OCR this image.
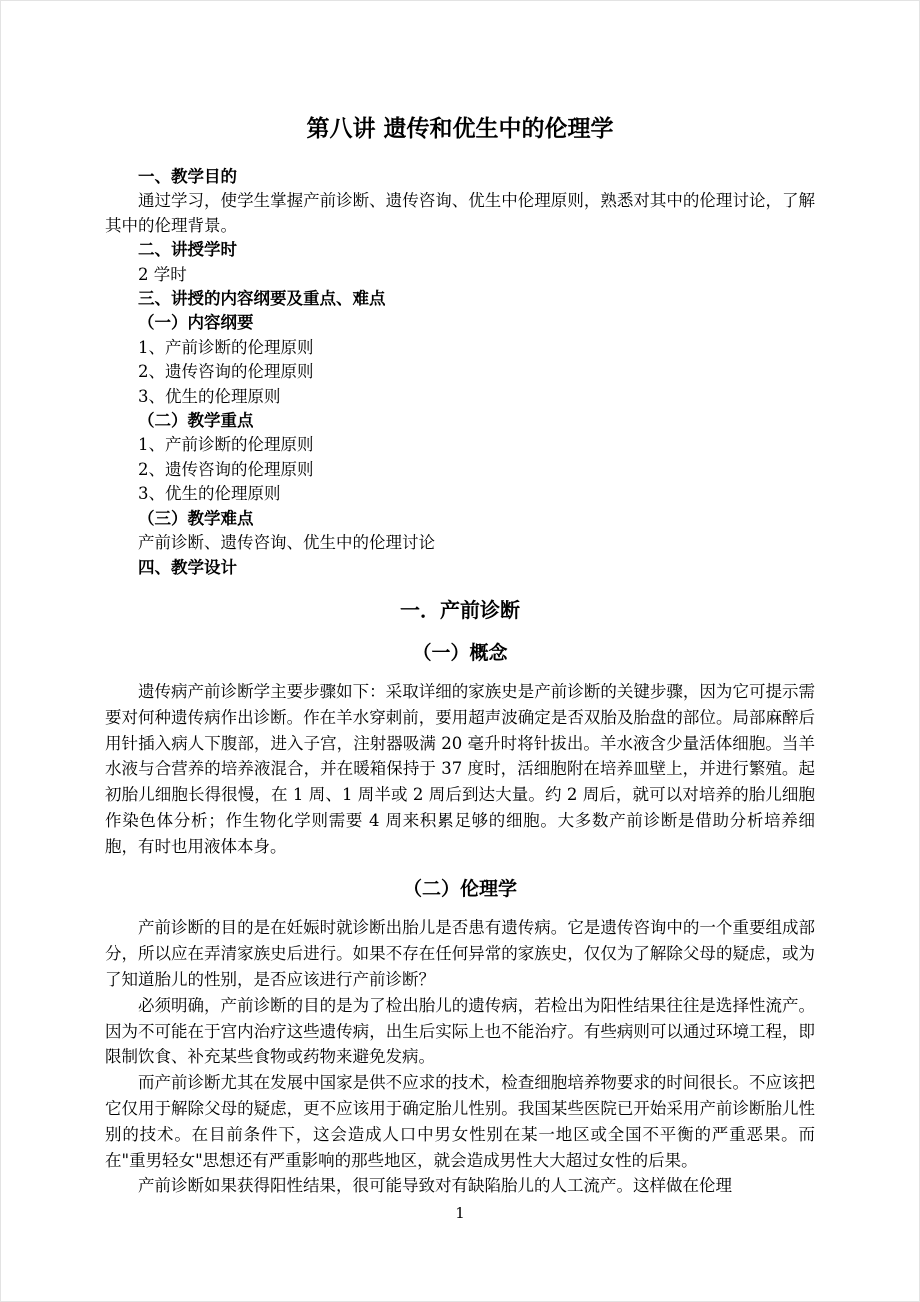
第八讲 遗传和优生中的伦理学
一、教学目的

通过学习，使学生掌握产前诊断、遗传咨询、优生中伦理原则，熟悉对其中的伦理讨论，了解其中的伦理背景。

二、讲授学时
2 学时
三、讲授的内容纲要及重点、难点
（一）内容纲要
1、产前诊断的伦理原则
2、遗传咨询的伦理原则
3、优生的伦理原则
（二）教学重点
1、产前诊断的伦理原则
2、遗传咨询的伦理原则
3、优生的伦理原则
（三）教学难点
产前诊断、遗传咨询、优生中的伦理讨论
四、教学设计
一．产前诊断
（一）概念

遗传病产前诊断学主要步骤如下：采取详细的家族史是产前诊断的关键步骤，因为它可提示需要对何种遗传病作出诊断。作在羊水穿刺前，要用超声波确定是否双胎及胎盘的部位。局部麻醉后用针插入病人下腹部，进入子宫，注射器吸满 20 毫升时将针拔出。羊水液含少量活体细胞。当羊水液与合营养的培养液混合，并在暖箱保持于 37 度时，活细胞附在培养皿壁上，并进行繁殖。起初胎儿细胞长得很慢，在 1 周、1 周半或 2 周后到达大量。约 2 周后，就可以对培养的胎儿细胞作染色体分析；作生物化学则需要 4 周来积累足够的细胞。大多数产前诊断是借助分析培养细胞，有时也用液体本身。

（二）伦理学

产前诊断的目的是在妊娠时就诊断出胎儿是否患有遗传病。它是遗传咨询中的一个重要组成部分，所以应在弄清家族史后进行。如果不存在任何异常的家族史，仅仅为了解除父母的疑虑，或为了知道胎儿的性别，是否应该进行产前诊断？

必须明确，产前诊断的目的是为了检出胎儿的遗传病，若检出为阳性结果往往是选择性流产。因为不可能在于宫内治疗这些遗传病，出生后实际上也不能治疗。有些病则可以通过环境工程，即限制饮食、补充某些食物或药物来避免发病。

而产前诊断尤其在发展中国家是供不应求的技术，检查细胞培养物要求的时间很长。不应该把它仅用于解除父母的疑虑，更不应该用于确定胎儿性别。我国某些医院已开始采用产前诊断胎儿性别的技术。在目前条件下，这会造成人口中男女性别在某一地区或全国不平衡的严重恶果。而在"重男轻女"思想还有严重影响的那些地区，就会造成男性大大超过女性的后果。

产前诊断如果获得阳性结果，很可能导致对有缺陷胎儿的人工流产。这样做在伦理

1
